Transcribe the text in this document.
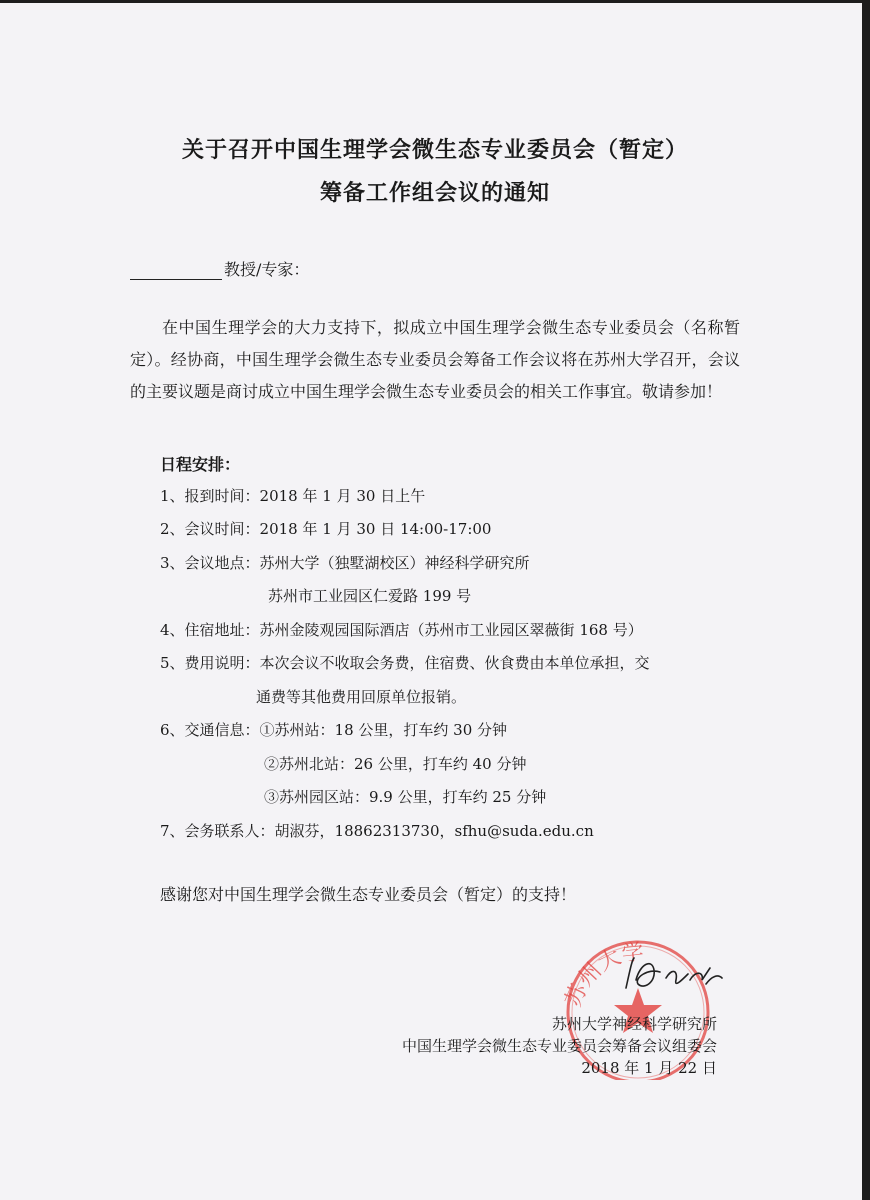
关于召开中国生理学会微生态专业委员会（暂定）
筹备工作组会议的通知
教授/专家：
在中国生理学会的大力支持下，拟成立中国生理学会微生态专业委员会（名称暂定）。经协商，中国生理学会微生态专业委员会筹备工作会议将在苏州大学召开，会议的主要议题是商讨成立中国生理学会微生态专业委员会的相关工作事宜。敬请参加！
日程安排：
1、报到时间：2018 年 1 月 30 日上午
2、会议时间：2018 年 1 月 30 日 14:00-17:00
3、会议地点：苏州大学（独墅湖校区）神经科学研究所
苏州市工业园区仁爱路 199 号
4、住宿地址：苏州金陵观园国际酒店（苏州市工业园区翠薇街 168 号）
5、费用说明：本次会议不收取会务费，住宿费、伙食费由本单位承担，交
通费等其他费用回原单位报销。
6、交通信息：①苏州站：18 公里，打车约 30 分钟
②苏州北站：26 公里，打车约 40 分钟
③苏州园区站：9.9 公里，打车约 25 分钟
7、会务联系人：胡淑芬，18862313730，sfhu@suda.edu.cn
感谢您对中国生理学会微生态专业委员会（暂定）的支持！
苏州大学
苏州大学神经科学研究所
中国生理学会微生态专业委员会筹备会议组委会
2018 年 1 月 22 日
